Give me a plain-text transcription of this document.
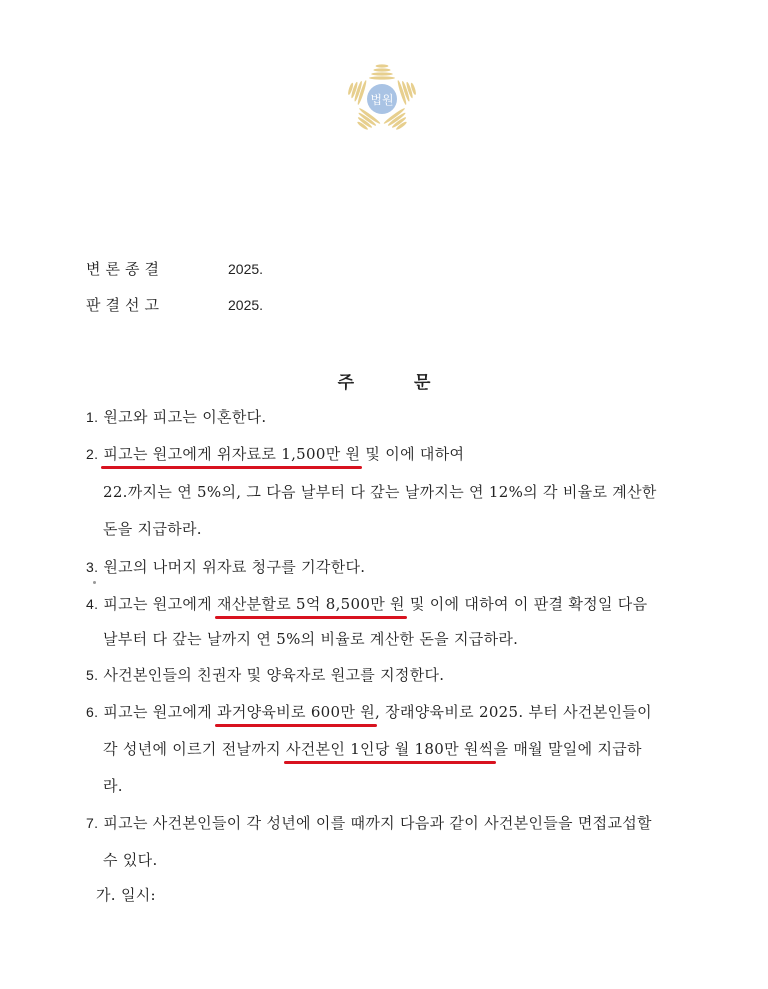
법원
변론종결	2025.
판결선고	2025.
주	문
1. 원고와 피고는 이혼한다.
2. 피고는 원고에게 위자료로 1,500만 원 및 이에 대하여
22.까지는 연 5%의, 그 다음 날부터 다 갚는 날까지는 연 12%의 각 비율로 계산한
돈을 지급하라.
3. 원고의 나머지 위자료 청구를 기각한다.
4. 피고는 원고에게 재산분할로 5억 8,500만 원 및 이에 대하여 이 판결 확정일 다음
날부터 다 갚는 날까지 연 5%의 비율로 계산한 돈을 지급하라.
5. 사건본인들의 친권자 및 양육자로 원고를 지정한다.
6. 피고는 원고에게 과거양육비로 600만 원, 장래양육비로 2025. 부터 사건본인들이
각 성년에 이르기 전날까지 사건본인 1인당 월 180만 원씩을 매월 말일에 지급하
라.
7. 피고는 사건본인들이 각 성년에 이를 때까지 다음과 같이 사건본인들을 면접교섭할
수 있다.
가. 일시:
